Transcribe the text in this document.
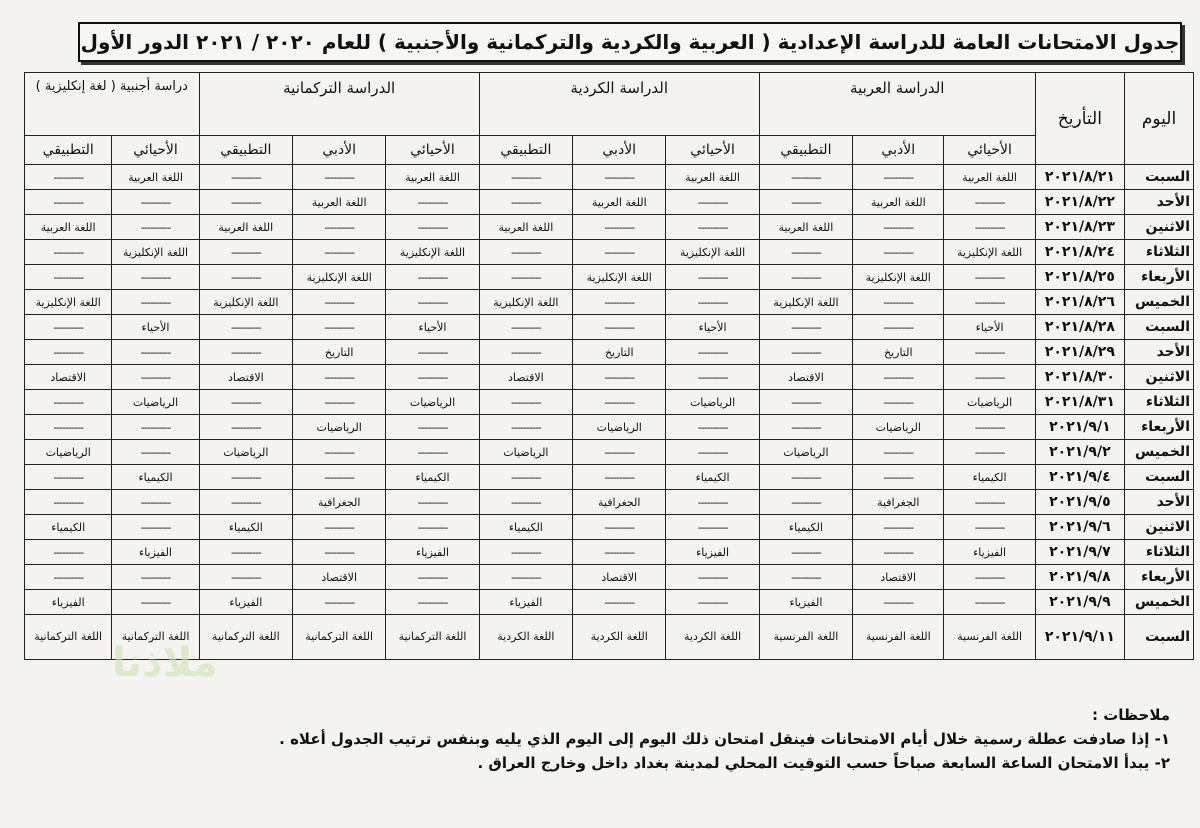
جدول الامتحانات العامة للدراسة الإعدادية ( العربية والكردية والتركمانية والأجنبية ) للعام ٢٠٢٠ / ٢٠٢١ الدور الأول
اليوم	التأريخ	الدراسة العربية			الدراسة الكردية			الدراسة التركمانية			دراسة أجنبية ( لغة إنكليزية )	
		الأحيائي	الأدبي	التطبيقي	الأحيائي	الأدبي	التطبيقي	الأحيائي	الأدبي	التطبيقي	الأحيائي	التطبيقي
السبت	٢٠٢١/٨/٢١	اللغة العربية	----------	----------	اللغة العربية	----------	----------	اللغة العربية	----------	----------	اللغة العربية	----------
الأحد	٢٠٢١/٨/٢٢	----------	اللغة العربية	----------	----------	اللغة العربية	----------	----------	اللغة العربية	----------	----------	----------
الاثنين	٢٠٢١/٨/٢٣	----------	----------	اللغة العربية	----------	----------	اللغة العربية	----------	----------	اللغة العربية	----------	اللغة العربية
الثلاثاء	٢٠٢١/٨/٢٤	اللغة الإنكليزية	----------	----------	اللغة الإنكليزية	----------	----------	اللغة الإنكليزية	----------	----------	اللغة الإنكليزية	----------
الأربعاء	٢٠٢١/٨/٢٥	----------	اللغة الإنكليزية	----------	----------	اللغة الإنكليزية	----------	----------	اللغة الإنكليزية	----------	----------	----------
الخميس	٢٠٢١/٨/٢٦	----------	----------	اللغة الإنكليزية	----------	----------	اللغة الإنكليزية	----------	----------	اللغة الإنكليزية	----------	اللغة الإنكليزية
السبت	٢٠٢١/٨/٢٨	الأحياء	----------	----------	الأحياء	----------	----------	الأحياء	----------	----------	الأحياء	----------
الأحد	٢٠٢١/٨/٢٩	----------	التاريخ	----------	----------	التاريخ	----------	----------	التاريخ	----------	----------	----------
الاثنين	٢٠٢١/٨/٣٠	----------	----------	الاقتصاد	----------	----------	الاقتصاد	----------	----------	الاقتصاد	----------	الاقتصاد
الثلاثاء	٢٠٢١/٨/٣١	الرياضيات	----------	----------	الرياضيات	----------	----------	الرياضيات	----------	----------	الرياضيات	----------
الأربعاء	٢٠٢١/٩/١	----------	الرياضيات	----------	----------	الرياضيات	----------	----------	الرياضيات	----------	----------	----------
الخميس	٢٠٢١/٩/٢	----------	----------	الرياضيات	----------	----------	الرياضيات	----------	----------	الرياضيات	----------	الرياضيات
السبت	٢٠٢١/٩/٤	الكيمياء	----------	----------	الكيمياء	----------	----------	الكيمياء	----------	----------	الكيمياء	----------
الأحد	٢٠٢١/٩/٥	----------	الجغرافية	----------	----------	الجغرافية	----------	----------	الجغرافية	----------	----------	----------
الاثنين	٢٠٢١/٩/٦	----------	----------	الكيمياء	----------	----------	الكيمياء	----------	----------	الكيمياء	----------	الكيمياء
الثلاثاء	٢٠٢١/٩/٧	الفيزياء	----------	----------	الفيزياء	----------	----------	الفيزياء	----------	----------	الفيزياء	----------
الأربعاء	٢٠٢١/٩/٨	----------	الاقتصاد	----------	----------	الاقتصاد	----------	----------	الاقتصاد	----------	----------	----------
الخميس	٢٠٢١/٩/٩	----------	----------	الفيزياء	----------	----------	الفيزياء	----------	----------	الفيزياء	----------	الفيزياء
السبت	٢٠٢١/٩/١١	اللغة الفرنسية	اللغة الفرنسية	اللغة الفرنسية	اللغة الكردية	اللغة الكردية	اللغة الكردية	اللغة التركمانية	اللغة التركمانية	اللغة التركمانية	اللغة التركمانية	اللغة التركمانية
ملاذنا
ملاحظات :
١- إذا صادفت عطلة رسمية خلال أيام الامتحانات فينقل امتحان ذلك اليوم إلى اليوم الذي يليه وبنفس ترتيب الجدول أعلاه .
٢- يبدأ الامتحان الساعة السابعة صباحاً حسب التوقيت المحلي لمدينة بغداد داخل وخارج العراق .
